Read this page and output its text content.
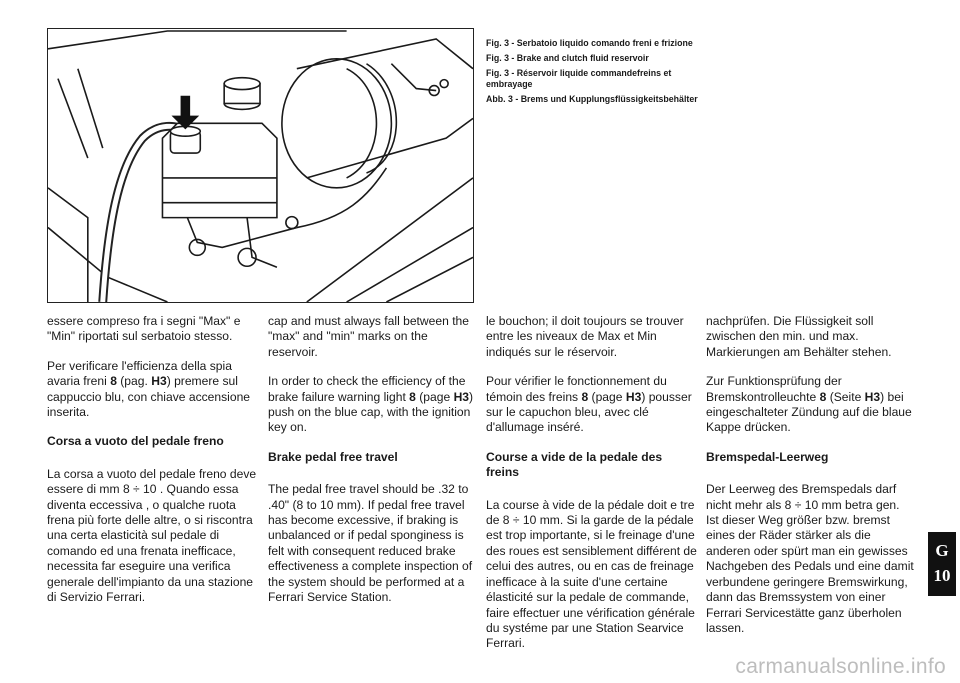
Fig. 3 - Serbatoio liquido comando freni e frizione

Fig. 3 - Brake and clutch fluid reservoir

Fig. 3 - Réservoir liquide commandefreins et embrayage

Abb. 3 - Brems und Kupplungsflüssigkeitsbehälter

essere compreso fra i segni "Max" e "Min" riportati sul serbatoio stesso.

Per verificare l'efficienza della spia avaria freni 8 (pag. H3) premere sul cappuccio blu, con chiave accensione inserita.

Corsa a vuoto del pedale freno

La corsa a vuoto del pedale freno deve essere di mm 8 ÷ 10 . Quando essa diventa eccessiva , o qualche ruota frena più forte delle altre, o si riscontra una certa elasticità sul pedale di comando ed una frenata inefficace, necessita far eseguire una verifica generale dell'impianto da una stazione di Servizio Ferrari.

cap and must always fall between the "max" and "min" marks on the reservoir.

In order to check the efficiency of the brake failure warning light 8 (page H3) push on the blue cap, with the ignition key on.

Brake pedal free travel

The pedal free travel should be .32 to .40" (8 to 10 mm). If pedal free travel has become excessive, if braking is unbalanced or if pedal sponginess is felt with consequent reduced brake effectiveness a complete inspection of the system should be performed at a Ferrari Service Station.

le bouchon; il doit toujours se trouver entre les niveaux de Max et Min indiqués sur le réservoir.

Pour vérifier le fonctionnement du témoin des freins 8 (page H3) pousser sur le capuchon bleu, avec clé d'allumage inséré.

Course a vide de la pedale des freins

La course à vide de la pédale doit e tre de 8 ÷ 10 mm. Si la garde de la pédale est trop importante, si le freinage d'une des roues est sensiblement différent de celui des autres, ou en cas de freinage inefficace à la suite d'une certaine élasticité sur la pedale de commande, faire effectuer une vérification générale du systéme par une Station Searvice Ferrari.

nachprüfen. Die Flüssigkeit soll zwischen den min. und max. Markierungen am Behälter stehen.

Zur Funktionsprüfung der Bremskontrolleuchte 8 (Seite H3) bei eingeschalteter Zündung auf die blaue Kappe drücken.

Bremspedal-Leerweg

Der Leerweg des Bremspedals darf nicht mehr als 8 ÷ 10 mm betra gen. Ist dieser Weg größer bzw. bremst eines der Räder stärker als die anderen oder spürt man ein gewisses Nachgeben des Pedals und eine damit verbundene geringere Bremswirkung, dann das Bremssystem von einer Ferrari Servicestätte ganz überholen lassen.

G
10
carmanualsonline.info
